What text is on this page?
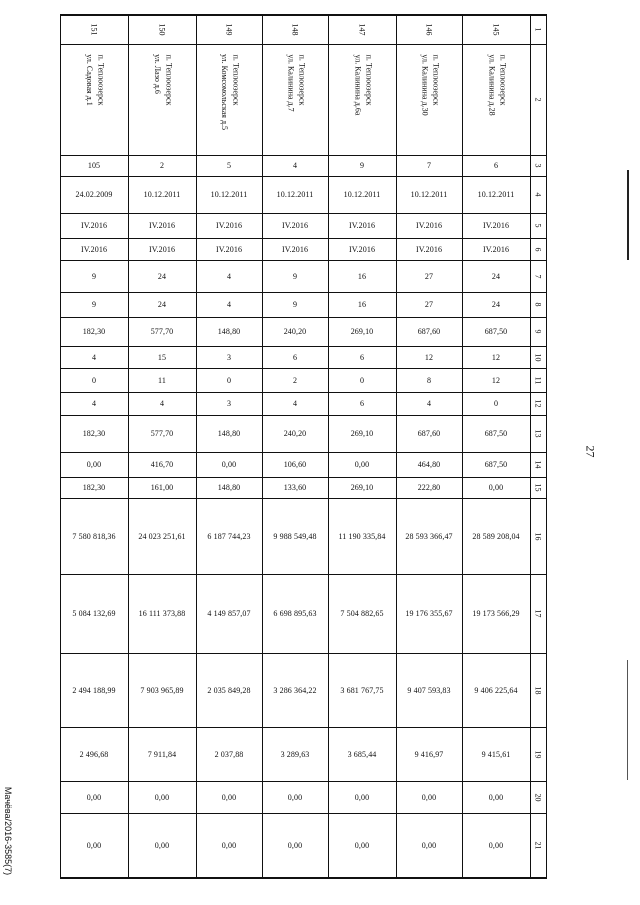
1
2
3
4
5
6
7
8
9
10
11
12
13
14
15
16
17
18
19
20
21
151
п. Теплоозерск
ул. Садовая д.1
105
24.02.2009
IV.2016
IV.2016
9
9
182,30
4
0
4
182,30
0,00
182,30
7 580 818,36
5 084 132,69
2 494 188,99
2 496,68
0,00
0,00
150
п. Теплоозерск
ул. Лазо д.6
2
10.12.2011
IV.2016
IV.2016
24
24
577,70
15
11
4
577,70
416,70
161,00
24 023 251,61
16 111 373,88
7 903 965,89
7 911,84
0,00
0,00
149
п. Теплоозерск
ул. Комсомольская д.5
5
10.12.2011
IV.2016
IV.2016
4
4
148,80
3
0
3
148,80
0,00
148,80
6 187 744,23
4 149 857,07
2 035 849,28
2 037,88
0,00
0,00
148
п. Теплоозерск
ул. Калинина д.7
4
10.12.2011
IV.2016
IV.2016
9
9
240,20
6
2
4
240,20
106,60
133,60
9 988 549,48
6 698 895,63
3 286 364,22
3 289,63
0,00
0,00
147
п. Теплоозерск
ул. Калинина д.6а
9
10.12.2011
IV.2016
IV.2016
16
16
269,10
6
0
6
269,10
0,00
269,10
11 190 335,84
7 504 882,65
3 681 767,75
3 685,44
0,00
0,00
146
п. Теплоозерск
ул. Калинина д.30
7
10.12.2011
IV.2016
IV.2016
27
27
687,60
12
8
4
687,60
464,80
222,80
28 593 366,47
19 176 355,67
9 407 593,83
9 416,97
0,00
0,00
145
п. Теплоозерск
ул. Калинина д.28
6
10.12.2011
IV.2016
IV.2016
24
24
687,50
12
12
0
687,50
687,50
0,00
28 589 208,04
19 173 566,29
9 406 225,64
9 415,61
0,00
0,00
27
Мачёва/2016-3585(7)
